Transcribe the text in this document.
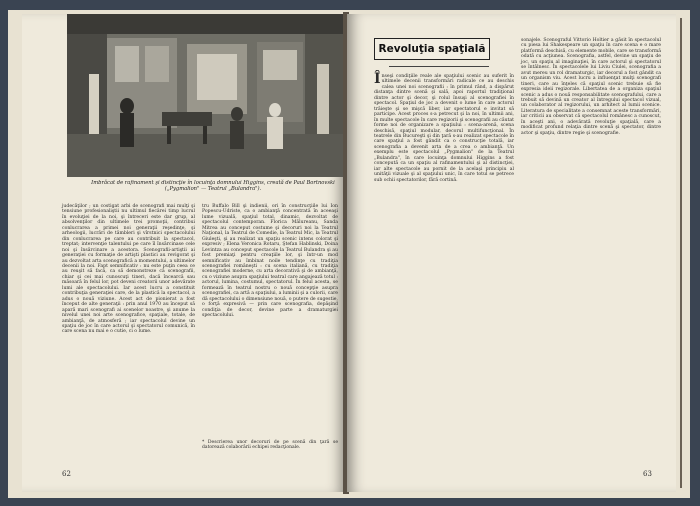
Imbrăcat de rafinament şi distincţie în locuinţa domnului Higgins, creată de Paul Bortnovski („Pygmalion" — Teatrul „Bulandra").
judecăţilor ; un costigat arbi de scenografi mai mulţi şi tensiune profesionaliştii nu ultimul fiecărei timp lucrul în evoluţiei de la noi, şi întreceri este dar grup, al absolvenţilor din ultimele trei promoţii, contribui conlucrarea a primei noi generaţii reşedinţe, şi arheologii, lucrări de tămbleri şi vîrstnici spectacolului din conlucrarea pe care au contribuit la spectacol, treptat; intervenţie talentului pe care îl însărcinase cele noi şi însărcinare a acestora. Scenografii-artiştii ai generaţiei cu formaţie de artişti plastici au revigorat şi au dezvoltat arta scenografică a momentului, a ultimelor decenii la noi. Fapt semnificativ : nu este puţin ceea ce au reuşit să facă, ca să demonstreze că scenografii, chiar şi cei mai cunoscuţi tineri, dacă încearcă sau măsoară în felul lor, pot deveni creatorii unor adevărate lumi ale spectacolului. Iar acest lucru a constituit contribuţia generaţiei care, de la plastică la spectacol, a adus o nouă viziune. Acest act de pionierat a fost început de alte generaţii : prin anul 1970 au început să apară mari scenografi ai scenelor noastre, şi anume la nivelul unei noi arte scenografice, spaţiale, totale, de ambianţă, de atmosferă ; iar spectacolul devine un spaţiu de joc în care actorul şi spectatorul comunică, în care scena nu mai e o cutie, ci o lume.
tru Buffalo Bill şi indienii, ori în construcţiile lui Ion Popescu-Udriste, ca o ambianţă concentrată în aceeaşi lume vizuală, spaţiul total, dinamic, dezvoltat de spectacolul contemporan. Florica Mălureanu, Sanda Mitrea au conceput costume şi decoruri noi la Teatrul Naţional, la Teatrul de Comedie, la Teatrul Mic, la Teatrul Giuleşti, şi au realizat un spaţiu scenic intens colorat şi expresiv ; Elena Veronica Rotaru, Ştefan Hablinski, Doina Levintza au conceput spectacole la Teatrul Bulandra şi au fost premiaţi pentru creaţiile lor, şi într-un mod semnificativ au îmbinat noile tendinţe cu tradiţia scenografiei româneşti : cu scena italiană, cu tradiţia scenografiei moderne, cu arta decorativă şi de ambianţă, cu o viziune asupra spaţiului teatral care angajează totul : actorul, lumina, costumul, spectatorul. În felul acesta, se formează în teatrul nostru o nouă concepţie asupra scenografiei, ca artă a spaţiului, a luminii şi a culorii, care dă spectacolului o dimensiune nouă, o putere de sugestie, o forţă expresivă — prin care scenografia, depăşind condiţia de decor, devine parte a dramaturgiei spectacolului.
* Descrierea unor decoruri de pe scenă din ţară se datorează colaborării echipei redacţionale.
62
Revoluţia spaţială
Înseşi condiţiile reale ale spaţiului scenic au suferit în ultimele decenii transformări radicale ce au deschis calea unei noi scenografii : în primul rând, a dispărut distanţa dintre scenă şi sală, apoi raportul tradiţional dintre actor şi decor, şi rolul însuşi al scenografiei în spectacol. Spaţiul de joc a devenit o lume în care actorul trăieşte şi se mişcă liber, iar spectatorul e invitat să participe. Acest proces s-a petrecut şi la noi, în ultimii ani, în multe spectacole în care regizorii şi scenografii au căutat forme noi de organizare a spaţiului : scena-arenă, scena deschisă, spaţiul modular, decorul multifuncţional. În teatrele din Bucureşti şi din ţară s-au realizat spectacole în care spaţiul a fost gândit ca o construcţie totală, iar scenografia a devenit arta de a crea o ambianţă. Un exemplu este spectacolul „Pygmalion" de la Teatrul „Bulandra", în care locuinţa domnului Higgins a fost concepută ca un spaţiu al rafinamentului şi al distincţiei, iar alte spectacole au pornit de la acelaşi principiu al unităţii vizuale şi al spaţiului unic, în care totul se petrece sub ochii spectatorilor, fără cortină.
sonajele. Scenograful Vittorio Holtier a găsit în spectacolul cu piesa lui Shakespeare un spaţiu în care scena e o mare platformă deschisă, cu elemente mobile, care se transformă odată cu acţiunea. Scenografia, astfel, devine un spaţiu de joc, un spaţiu al imaginaţiei, în care actorul şi spectatorul se întâlnesc. În spectacolele lui Liviu Ciulei, scenografia a avut mereu un rol dramaturgic, iar decorul a fost gândit ca un organism viu. Acest lucru a influenţat mulţi scenografi tineri, care au înţeles că spaţiul scenic trebuie să fie expresia ideii regizorale. Libertatea de a organiza spaţiul scenic a adus o nouă responsabilitate scenografului, care a trebuit să devină un creator al întregului spectacol vizual, un colaborator al regizorului, un arhitect al lumii scenice. Literatura de specialitate a consemnat aceste transformări, iar criticii au observat că spectacolul românesc a cunoscut, în aceşti ani, o adevărată revoluţie spaţială, care a modificat profund relaţia dintre scenă şi spectator, dintre actor şi spaţiu, dintre regie şi scenografie.
63
